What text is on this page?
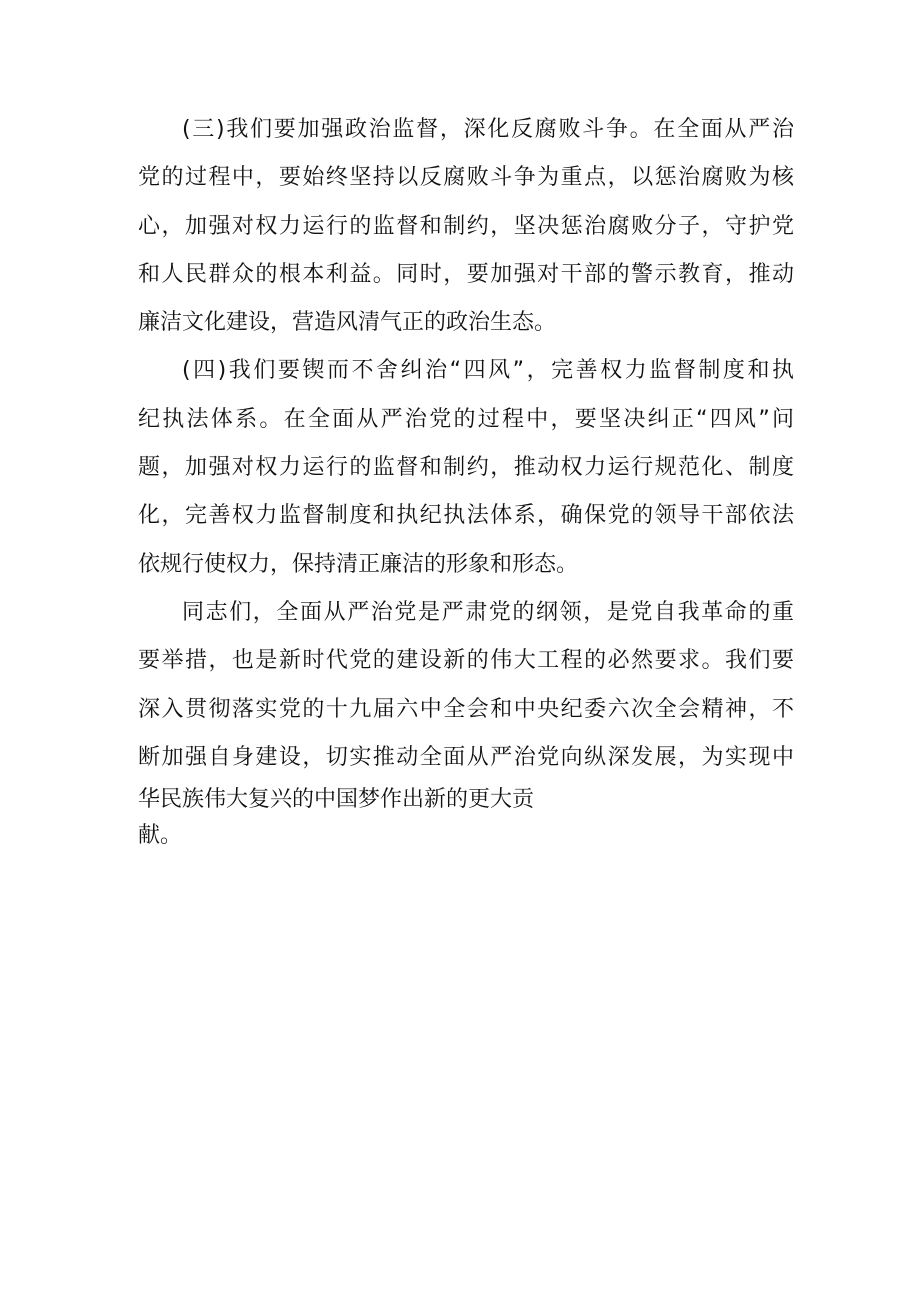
(三)我们要加强政治监督，深化反腐败斗争。在全面从严治
党的过程中，要始终坚持以反腐败斗争为重点，以惩治腐败为核
心，加强对权力运行的监督和制约，坚决惩治腐败分子，守护党
和人民群众的根本利益。同时，要加强对干部的警示教育，推动
廉洁文化建设，营造风清气正的政治生态。

(四)我们要锲而不舍纠治“四风”，完善权力监督制度和执
纪执法体系。在全面从严治党的过程中，要坚决纠正“四风”问
题，加强对权力运行的监督和制约，推动权力运行规范化、制度
化，完善权力监督制度和执纪执法体系，确保党的领导干部依法
依规行使权力，保持清正廉洁的形象和形态。

同志们，全面从严治党是严肃党的纲领，是党自我革命的重
要举措，也是新时代党的建设新的伟大工程的必然要求。我们要
深入贯彻落实党的十九届六中全会和中央纪委六次全会精神，不
断加强自身建设，切实推动全面从严治党向纵深发展，为实现中
华民族伟大复兴的中国梦作出新的更大贡
献。
